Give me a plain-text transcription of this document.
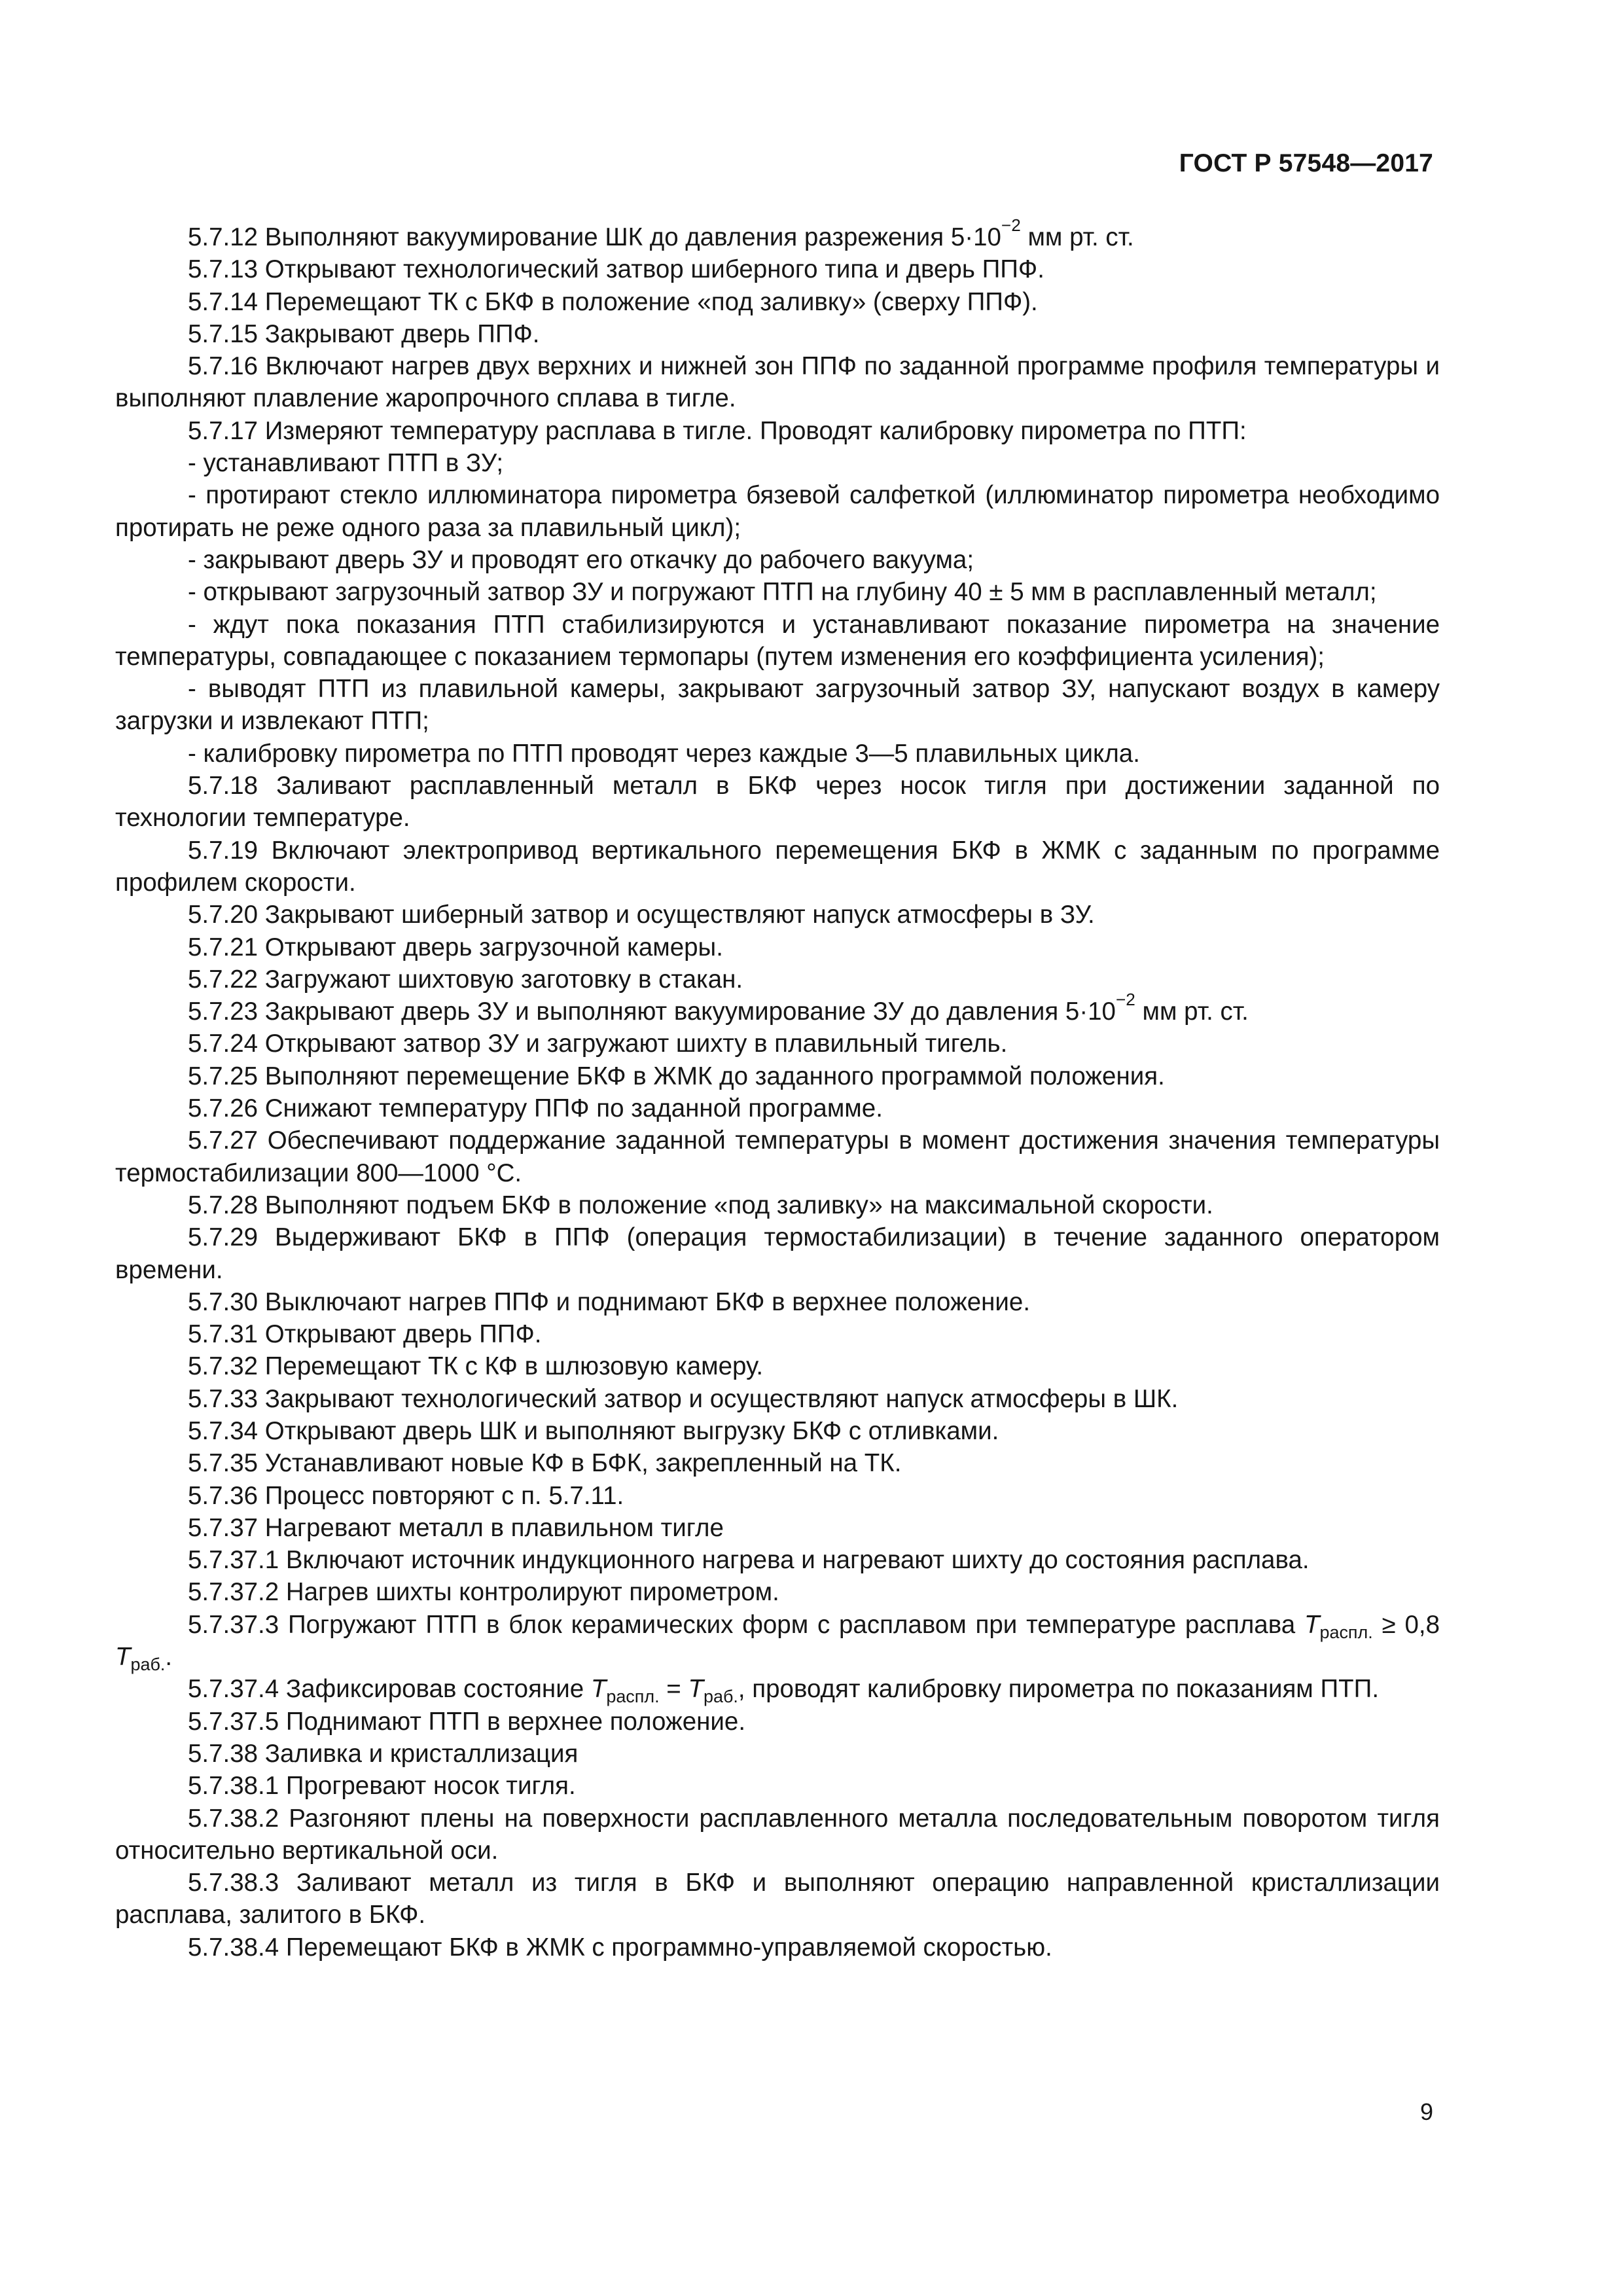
ГОСТ Р 57548—2017

5.7.12 Выполняют вакуумирование ШК до давления разрежения $5\cdot 10^{-2}$ мм рт. ст.

5.7.13 Открывают технологический затвор шиберного типа и дверь ППФ.

5.7.14 Перемещают ТК с БКФ в положение «под заливку» (сверху ППФ).

5.7.15 Закрывают дверь ППФ.

5.7.16 Включают нагрев двух верхних и нижней зон ППФ по заданной программе профиля температуры и выполняют плавление жаропрочного сплава в тигле.

5.7.17 Измеряют температуру расплава в тигле. Проводят калибровку пирометра по ПТП:

- устанавливают ПТП в ЗУ;

- протирают стекло иллюминатора пирометра бязевой салфеткой (иллюминатор пирометра необходимо протирать не реже одного раза за плавильный цикл);

- закрывают дверь ЗУ и проводят его откачку до рабочего вакуума;

- открывают загрузочный затвор ЗУ и погружают ПТП на глубину 40 ± 5 мм в расплавленный металл;

- ждут пока показания ПТП стабилизируются и устанавливают показание пирометра на значение температуры, совпадающее с показанием термопары (путем изменения его коэффициента усиления);

- выводят ПТП из плавильной камеры, закрывают загрузочный затвор ЗУ, напускают воздух в камеру загрузки и извлекают ПТП;

- калибровку пирометра по ПТП проводят через каждые 3—5 плавильных цикла.

5.7.18 Заливают расплавленный металл в БКФ через носок тигля при достижении заданной по технологии температуре.

5.7.19 Включают электропривод вертикального перемещения БКФ в ЖМК с заданным по программе профилем скорости.

5.7.20 Закрывают шиберный затвор и осуществляют напуск атмосферы в ЗУ.

5.7.21 Открывают дверь загрузочной камеры.

5.7.22 Загружают шихтовую заготовку в стакан.

5.7.23 Закрывают дверь ЗУ и выполняют вакуумирование ЗУ до давления $5\cdot 10^{-2}$ мм рт. ст.

5.7.24 Открывают затвор ЗУ и загружают шихту в плавильный тигель.

5.7.25 Выполняют перемещение БКФ в ЖМК до заданного программой положения.

5.7.26 Снижают температуру ППФ по заданной программе.

5.7.27 Обеспечивают поддержание заданной температуры в момент достижения значения температуры термостабилизации 800—1000 °С.

5.7.28 Выполняют подъем БКФ в положение «под заливку» на максимальной скорости.

5.7.29 Выдерживают БКФ в ППФ (операция термостабилизации) в течение заданного оператором времени.

5.7.30 Выключают нагрев ППФ и поднимают БКФ в верхнее положение.

5.7.31 Открывают дверь ППФ.

5.7.32 Перемещают ТК с КФ в шлюзовую камеру.

5.7.33 Закрывают технологический затвор и осуществляют напуск атмосферы в ШК.

5.7.34 Открывают дверь ШК и выполняют выгрузку БКФ с отливками.

5.7.35 Устанавливают новые КФ в БФК, закрепленный на ТК.

5.7.36 Процесс повторяют с п. 5.7.11.

5.7.37 Нагревают металл в плавильном тигле

5.7.37.1 Включают источник индукционного нагрева и нагревают шихту до состояния расплава.

5.7.37.2 Нагрев шихты контролируют пирометром.

5.7.37.3 Погружают ПТП в блок керамических форм с расплавом при температуре расплава $T_{распл.} \ge 0,8$ $T_{раб.}$.

5.7.37.4 Зафиксировав состояние $T_{распл.} = T_{раб.}$, проводят калибровку пирометра по показаниям ПТП.

5.7.37.5 Поднимают ПТП в верхнее положение.

5.7.38 Заливка и кристаллизация

5.7.38.1 Прогревают носок тигля.

5.7.38.2 Разгоняют плены на поверхности расплавленного металла последовательным поворотом тигля относительно вертикальной оси.

5.7.38.3 Заливают металл из тигля в БКФ и выполняют операцию направленной кристаллизации расплава, залитого в БКФ.

5.7.38.4 Перемещают БКФ в ЖМК с программно-управляемой скоростью.

9
